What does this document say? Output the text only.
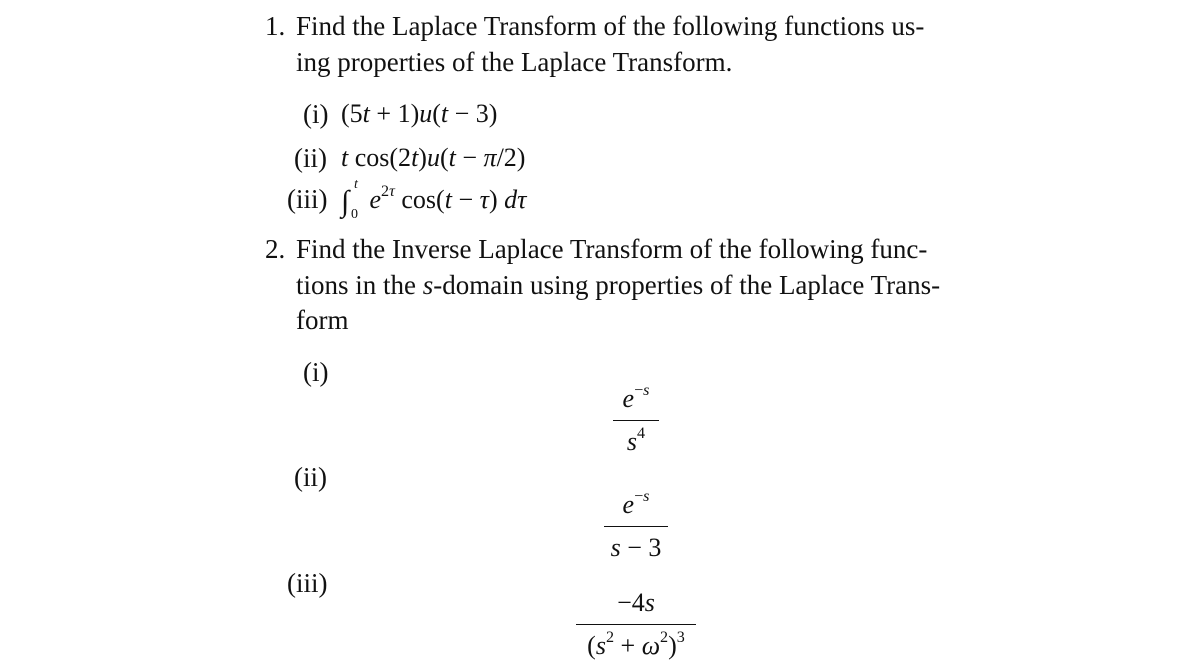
1. Find the Laplace Transform of the following functions us-
ing properties of the Laplace Transform.
(i) (5t + 1)u(t − 3)
(ii) t cos(2t)u(t − π/2)
(iii) ∫
t
0
$e^{2\tau}$ cos(t − τ) dτ
2. Find the Inverse Laplace Transform of the following func-
tions in the s-domain using properties of the Laplace Trans-
form
(i)
$e^{-s}$
$s^4$
(ii)
$e^{-s}$
s − 3
(iii)
−4s
$(s^2 + \omega^2)^3$
